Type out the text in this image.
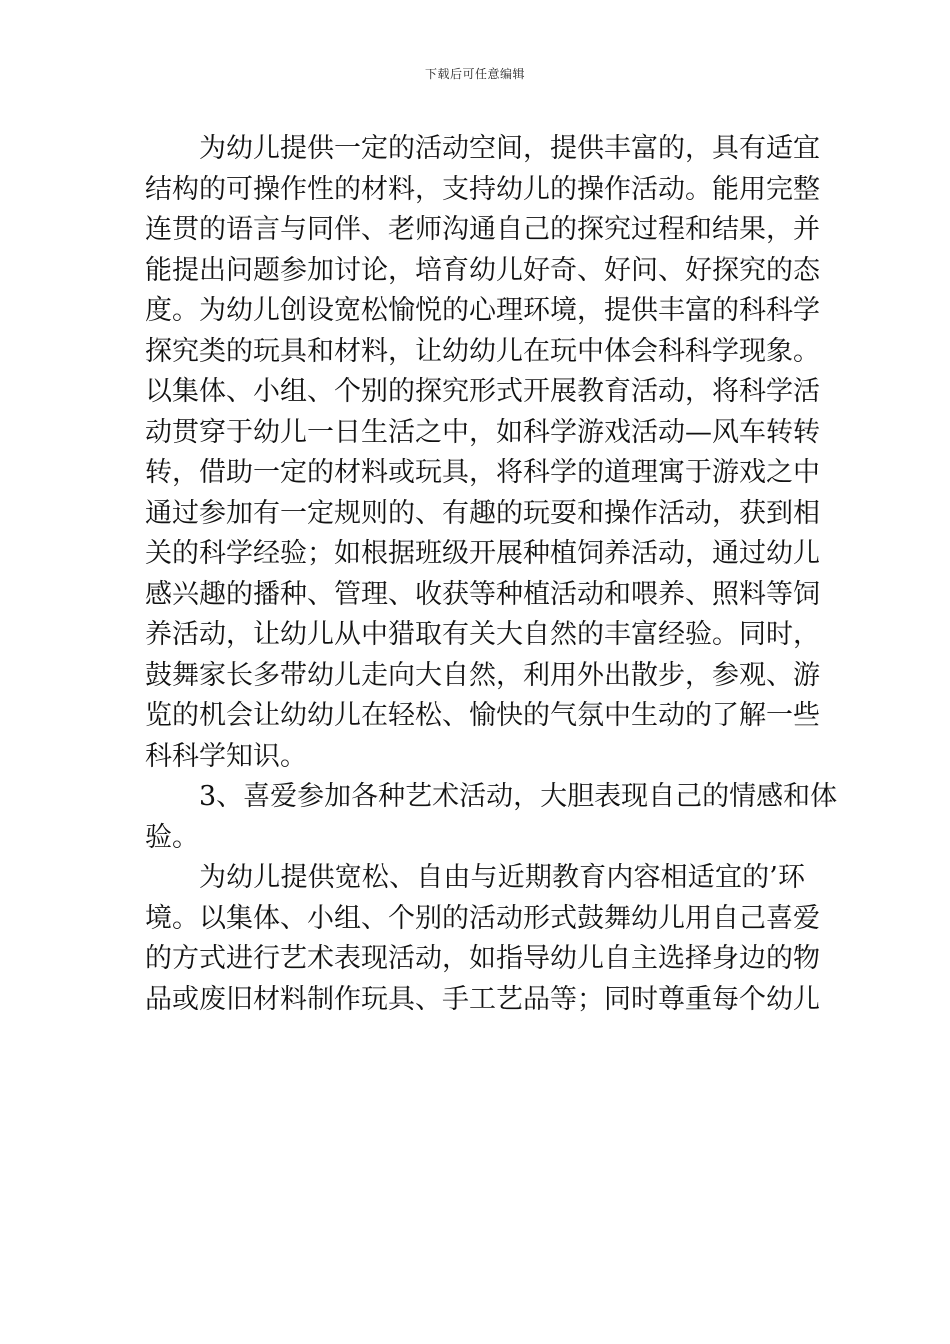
下载后可任意编辑
为幼儿提供一定的活动空间，提供丰富的，具有适宜
结构的可操作性的材料，支持幼儿的操作活动。能用完整
连贯的语言与同伴、老师沟通自己的探究过程和结果，并
能提出问题参加讨论，培育幼儿好奇、好问、好探究的态
度。为幼儿创设宽松愉悦的心理环境，提供丰富的科科学
探究类的玩具和材料，让幼幼儿在玩中体会科科学现象。
以集体、小组、个别的探究形式开展教育活动，将科学活
动贯穿于幼儿一日生活之中，如科学游戏活动—风车转转
转，借助一定的材料或玩具，将科学的道理寓于游戏之中
通过参加有一定规则的、有趣的玩耍和操作活动，获到相
关的科学经验；如根据班级开展种植饲养活动，通过幼儿
感兴趣的播种、管理、收获等种植活动和喂养、照料等饲
养活动，让幼儿从中猎取有关大自然的丰富经验。同时，
鼓舞家长多带幼儿走向大自然，利用外出散步，参观、游
览的机会让幼幼儿在轻松、愉快的气氛中生动的了解一些
科科学知识。
3、喜爱参加各种艺术活动，大胆表现自己的情感和体
验。
为幼儿提供宽松、自由与近期教育内容相适宜的’环
境。以集体、小组、个别的活动形式鼓舞幼儿用自己喜爱
的方式进行艺术表现活动，如指导幼儿自主选择身边的物
品或废旧材料制作玩具、手工艺品等；同时尊重每个幼儿
